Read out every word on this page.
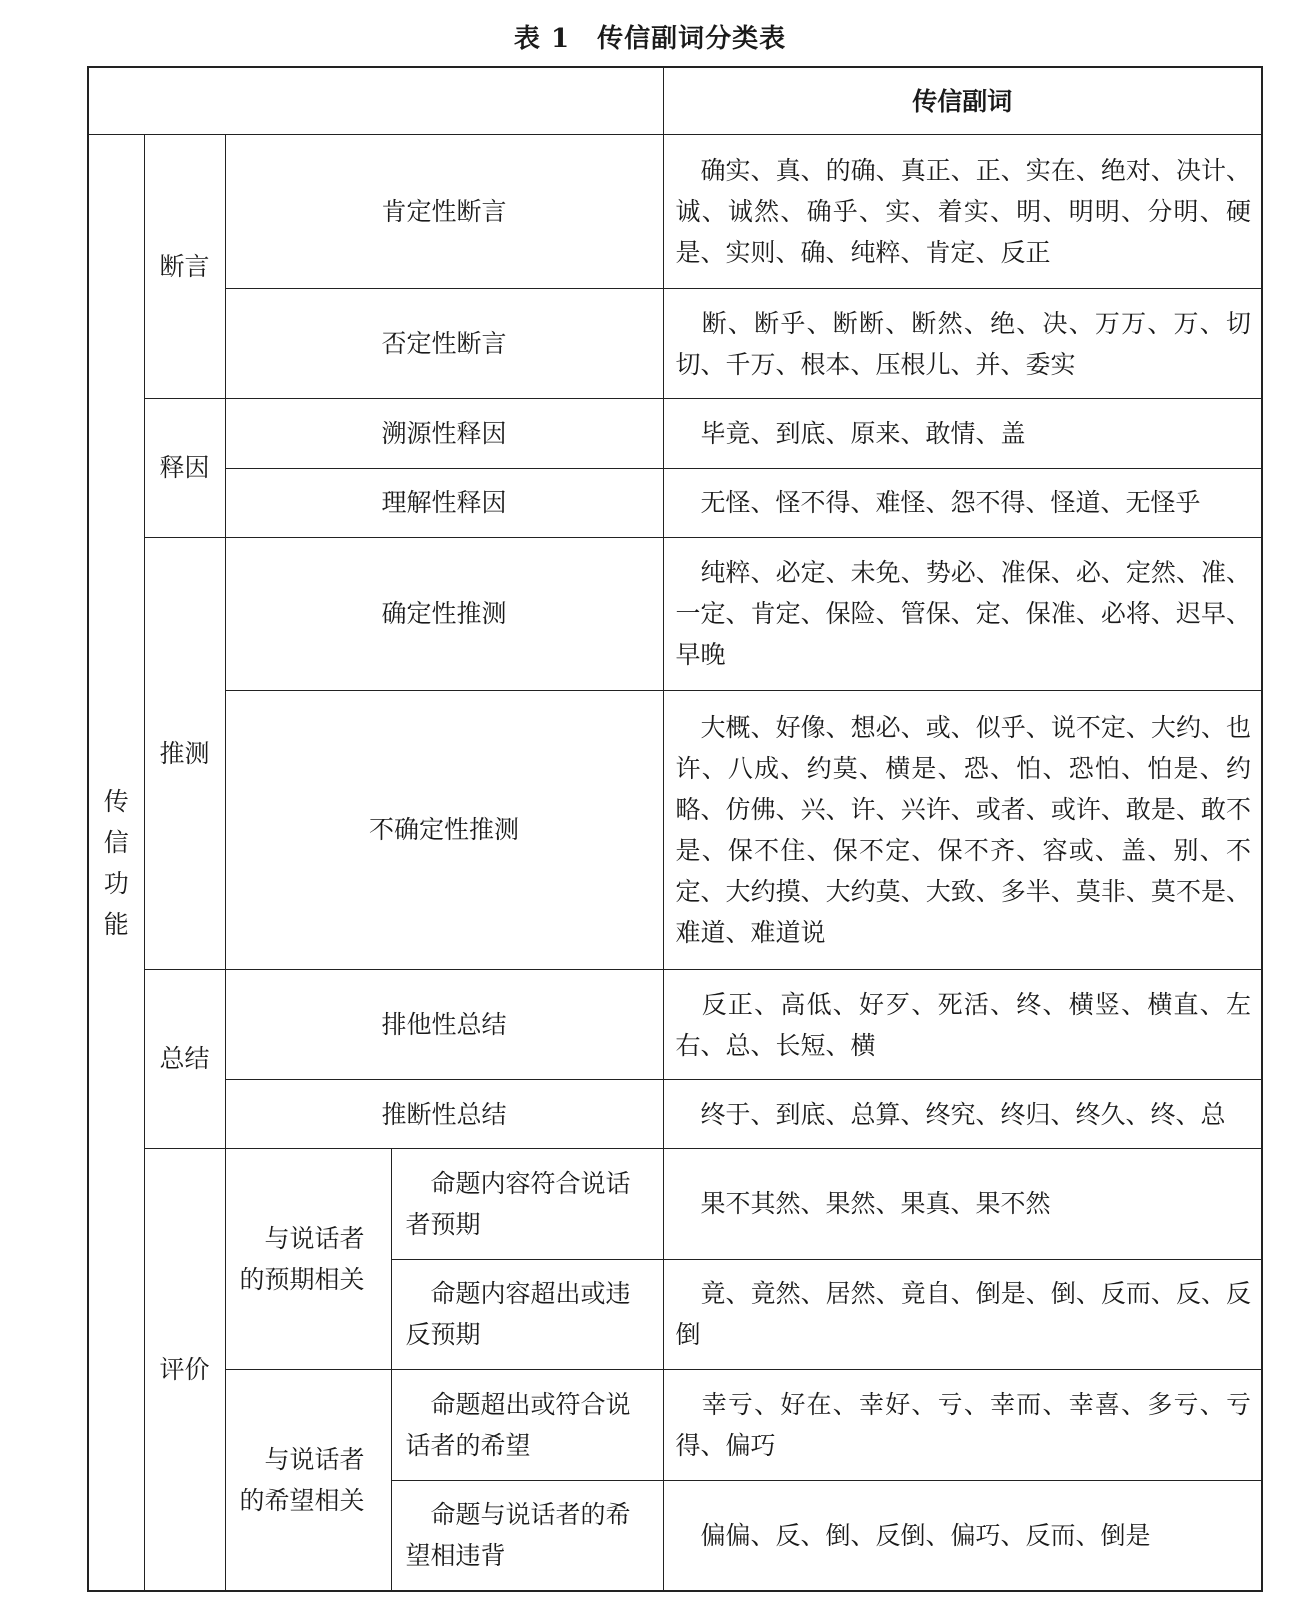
表 1　传信副词分类表
				传信副词

传
信
功
能	断言	肯定性断言		确实、真、的确、真正、正、实在、绝对、决计、诚、诚然、确乎、实、着实、明、明明、分明、硬是、实则、确、纯粹、肯定、反正
		否定性断言		断、断乎、断断、断然、绝、决、万万、万、切切、千万、根本、压根儿、并、委实
	释因	溯源性释因		毕竟、到底、原来、敢情、盖
		理解性释因		无怪、怪不得、难怪、怨不得、怪道、无怪乎
	推测	确定性推测		纯粹、必定、未免、势必、准保、必、定然、准、一定、肯定、保险、管保、定、保准、必将、迟早、早晚
		不确定性推测		大概、好像、想必、或、似乎、说不定、大约、也许、八成、约莫、横是、恐、怕、恐怕、怕是、约略、仿佛、兴、许、兴许、或者、或许、敢是、敢不是、保不住、保不定、保不齐、容或、盖、别、不定、大约摸、大约莫、大致、多半、莫非、莫不是、难道、难道说
	总结	排他性总结		反正、高低、好歹、死活、终、横竖、横直、左右、总、长短、横
		推断性总结		终于、到底、总算、终究、终归、终久、终、总
	评价	与说话者的预期相关	命题内容符合说话者预期	果不其然、果然、果真、果不然
			命题内容超出或违反预期	竟、竟然、居然、竟自、倒是、倒、反而、反、反倒
		与说话者的希望相关	命题超出或符合说话者的希望	幸亏、好在、幸好、亏、幸而、幸喜、多亏、亏得、偏巧
			命题与说话者的希望相违背	偏偏、反、倒、反倒、偏巧、反而、倒是
